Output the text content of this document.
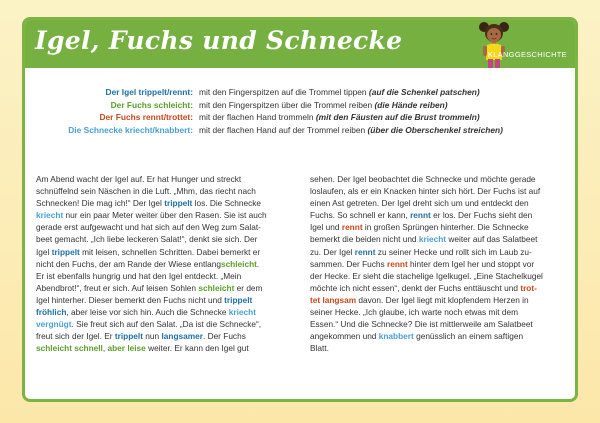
Igel, Fuchs und Schnecke	KLANGGESCHICHTE
Der Igel trippelt/rennt:	mit den Fingerspitzen auf die Trommel tippen (auf die Schenkel patschen)
Der Fuchs schleicht:	mit den Fingerspitzen über die Trommel reiben (die Hände reiben)
Der Fuchs rennt/trottet:	mit der flachen Hand trommeln (mit den Fäusten auf die Brust trommeln)
Die Schnecke kriecht/knabbert:	mit der flachen Hand auf der Trommel reiben (über die Oberschenkel streichen)

Am Abend wacht der Igel auf. Er hat Hunger und streckt

schnüffelnd sein Näschen in die Luft. „Mhm, das riecht nach

Schnecken! Die mag ich!“ Der Igel trippelt los. Die Schnecke

kriecht nur ein paar Meter weiter über den Rasen. Sie ist auch

gerade erst aufgewacht und hat sich auf den Weg zum Salat-

beet gemacht. „Ich liebe leckeren Salat!“, denkt sie sich. Der

Igel trippelt mit leisen, schnellen Schritten. Dabei bemerkt er

nicht den Fuchs, der am Rande der Wiese entlangschleicht.

Er ist ebenfalls hungrig und hat den Igel entdeckt. „Mein

Abendbrot!“, freut er sich. Auf leisen Sohlen schleicht er dem

Igel hinterher. Dieser bemerkt den Fuchs nicht und trippelt

fröhlich, aber leise vor sich hin. Auch die Schnecke kriecht

vergnügt. Sie freut sich auf den Salat. „Da ist die Schnecke“,

freut sich der Igel. Er trippelt nun langsamer. Der Fuchs

schleicht schnell, aber leise weiter. Er kann den Igel gut

sehen. Der Igel beobachtet die Schnecke und möchte gerade

loslaufen, als er ein Knacken hinter sich hört. Der Fuchs ist auf

einen Ast getreten. Der Igel dreht sich um und entdeckt den

Fuchs. So schnell er kann, rennt er los. Der Fuchs sieht den

Igel und rennt in großen Sprüngen hinterher. Die Schnecke

bemerkt die beiden nicht und kriecht weiter auf das Salatbeet

zu. Der Igel rennt zu seiner Hecke und rollt sich im Laub zu-

sammen. Der Fuchs rennt hinter dem Igel her und stoppt vor

der Hecke. Er sieht die stachelige Igelkugel. „Eine Stachelkugel

möchte ich nicht essen“, denkt der Fuchs enttäuscht und trot-

tet langsam davon. Der Igel liegt mit klopfendem Herzen in

seiner Hecke. „Ich glaube, ich warte noch etwas mit dem

Essen.“ Und die Schnecke? Die ist mittlerweile am Salatbeet

angekommen und knabbert genüsslich an einem saftigen

Blatt.
